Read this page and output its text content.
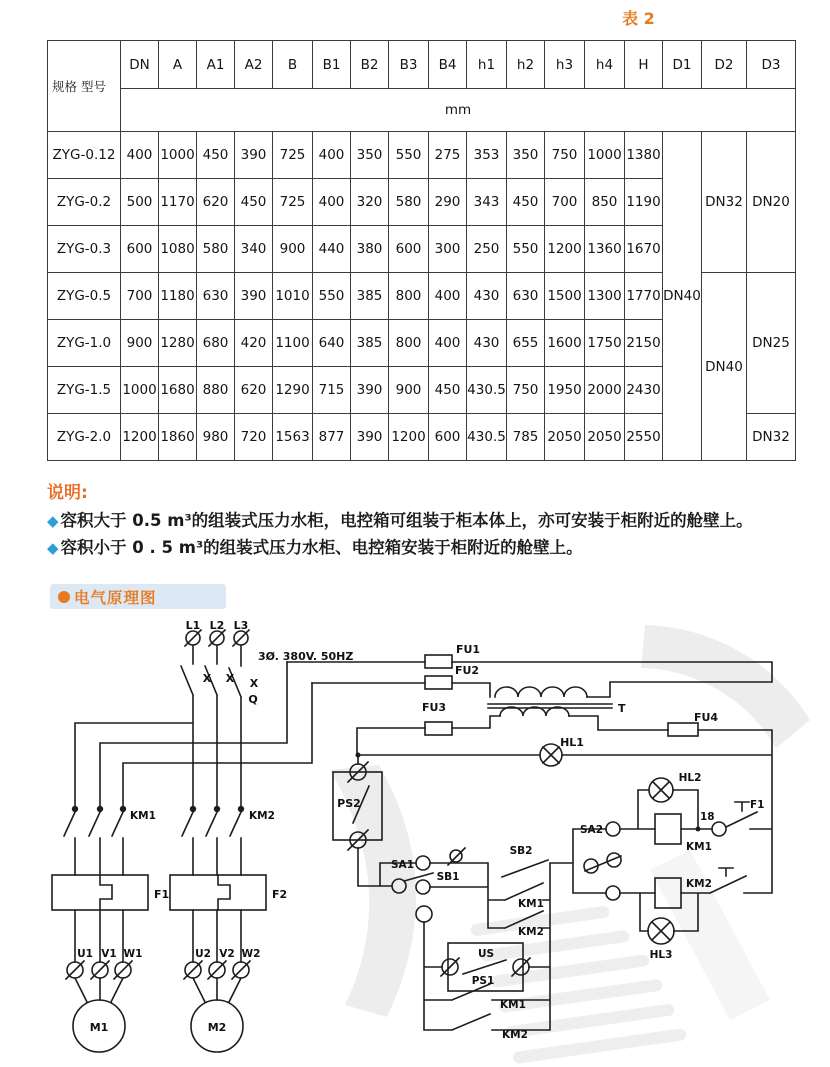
表 2
规格 型号	DN	A	A1	A2	B	B1	B2	B3	B4	h1	h2	h3	h4	H	D1	D2	D3
	mm																
ZYG-0.12	400	1000	450	390	725	400	350	550	275	353	350	750	1000	1380	DN40	DN32	DN20
ZYG-0.2	500	1170	620	450	725	400	320	580	290	343	450	700	850	1190			
ZYG-0.3	600	1080	580	340	900	440	380	600	300	250	550	1200	1360	1670			
ZYG-0.5	700	1180	630	390	1010	550	385	800	400	430	630	1500	1300	1770		DN40	DN25
ZYG-1.0	900	1280	680	420	1100	640	385	800	400	430	655	1600	1750	2150			
ZYG-1.5	1000	1680	880	620	1290	715	390	900	450	430.5	750	1950	2000	2430			
ZYG-2.0	1200	1860	980	720	1563	877	390	1200	600	430.5	785	2050	2050	2550			DN32
说明:
◆ 容积大于 0.5 m³的组装式压力水柜，电控箱可组装于柜本体上，亦可安装于柜附近的舱壁上。
◆ 容积小于 0 . 5 m³的组装式压力水柜、电控箱安装于柜附近的舱壁上。
电气原理图
L1 L2 L3
3Ø. 380V. 50HZ
X X X
Q
FU1
FU2
FU3	T
FU4
HL1
KM1	KM2
F1	F2
U1 V1 W1	U2 V2 W2
M1	M2
PS2
SA1
SB1
SB2
KM1
KM2
US
PS1
KM1
KM2
SA2
HL2
18
F1
KM1
KM2
HL3
